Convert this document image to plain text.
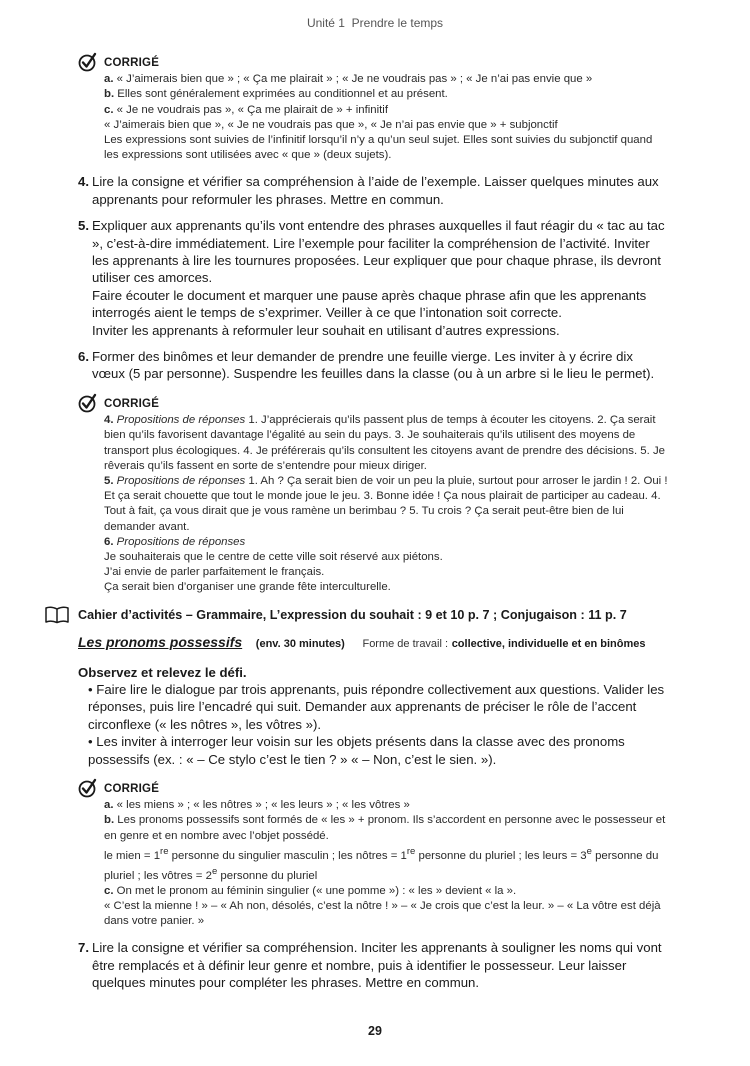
Unité 1 Prendre le temps
CORRIGÉ

a. « J’aimerais bien que » ; « Ça me plairait » ; « Je ne voudrais pas » ; « Je n’ai pas envie que »

b. Elles sont généralement exprimées au conditionnel et au présent.

c. « Je ne voudrais pas », « Ça me plairait de » + infinitif

« J’aimerais bien que », « Je ne voudrais pas que », « Je n’ai pas envie que » + subjonctif

Les expressions sont suivies de l’infinitif lorsqu’il n’y a qu’un seul sujet. Elles sont suivies du subjonctif quand les expressions sont utilisées avec « que » (deux sujets).

4. Lire la consigne et vérifier sa compréhension à l’aide de l’exemple. Laisser quelques minutes aux apprenants pour reformuler les phrases. Mettre en commun.

5. Expliquer aux apprenants qu’ils vont entendre des phrases auxquelles il faut réagir du « tac au tac », c’est-à-dire immédiatement. Lire l’exemple pour faciliter la compréhension de l’activité. Inviter les apprenants à lire les tournures proposées. Leur expliquer que pour chaque phrase, ils devront utiliser ces amorces.

Faire écouter le document et marquer une pause après chaque phrase afin que les apprenants interrogés aient le temps de s’exprimer. Veiller à ce que l’intonation soit correcte.

Inviter les apprenants à reformuler leur souhait en utilisant d’autres expressions.

6. Former des binômes et leur demander de prendre une feuille vierge. Les inviter à y écrire dix vœux (5 par personne). Suspendre les feuilles dans la classe (ou à un arbre si le lieu le permet).

CORRIGÉ

4. Propositions de réponses 1. J’apprécierais qu’ils passent plus de temps à écouter les citoyens. 2. Ça serait bien qu’ils favorisent davantage l’égalité au sein du pays. 3. Je souhaiterais qu’ils utilisent des moyens de transport plus écologiques. 4. Je préférerais qu’ils consultent les citoyens avant de prendre des décisions. 5. Je rêverais qu’ils fassent en sorte de s’entendre pour mieux diriger.

5. Propositions de réponses 1. Ah ? Ça serait bien de voir un peu la pluie, surtout pour arroser le jardin ! 2. Oui ! Et ça serait chouette que tout le monde joue le jeu. 3. Bonne idée ! Ça nous plairait de participer au cadeau. 4. Tout à fait, ça vous dirait que je vous ramène un berimbau ? 5. Tu crois ? Ça serait peut-être bien de lui demander avant.

6. Propositions de réponses

Je souhaiterais que le centre de cette ville soit réservé aux piétons.

J’ai envie de parler parfaitement le français.

Ça serait bien d’organiser une grande fête interculturelle.

Cahier d’activités – Grammaire, L’expression du souhait : 9 et 10 p. 7 ; Conjugaison : 11 p. 7
Les pronoms possessifs (env. 30 minutes) Forme de travail : collective, individuelle et en binômes
Observez et relevez le défi.

• Faire lire le dialogue par trois apprenants, puis répondre collectivement aux questions. Valider les réponses, puis lire l’encadré qui suit. Demander aux apprenants de préciser le rôle de l’accent circonflexe (« les nôtres », les vôtres »).

• Les inviter à interroger leur voisin sur les objets présents dans la classe avec des pronoms possessifs (ex. : « – Ce stylo c’est le tien ? » « – Non, c’est le sien. »).

CORRIGÉ

a. « les miens » ; « les nôtres » ; « les leurs » ; « les vôtres »

b. Les pronoms possessifs sont formés de « les » + pronom. Ils s’accordent en personne avec le possesseur et en genre et en nombre avec l’objet possédé.

le mien = 1re personne du singulier masculin ; les nôtres = 1re personne du pluriel ; les leurs = $3^e$ personne du pluriel ; les vôtres = $2^e$ personne du pluriel

c. On met le pronom au féminin singulier (« une pomme ») : « les » devient « la ».

« C’est la mienne ! » – « Ah non, désolés, c’est la nôtre ! » – « Je crois que c’est la leur. » – « La vôtre est déjà dans votre panier. »

7. Lire la consigne et vérifier sa compréhension. Inciter les apprenants à souligner les noms qui vont être remplacés et à définir leur genre et nombre, puis à identifier le possesseur. Leur laisser quelques minutes pour compléter les phrases. Mettre en commun.

29
